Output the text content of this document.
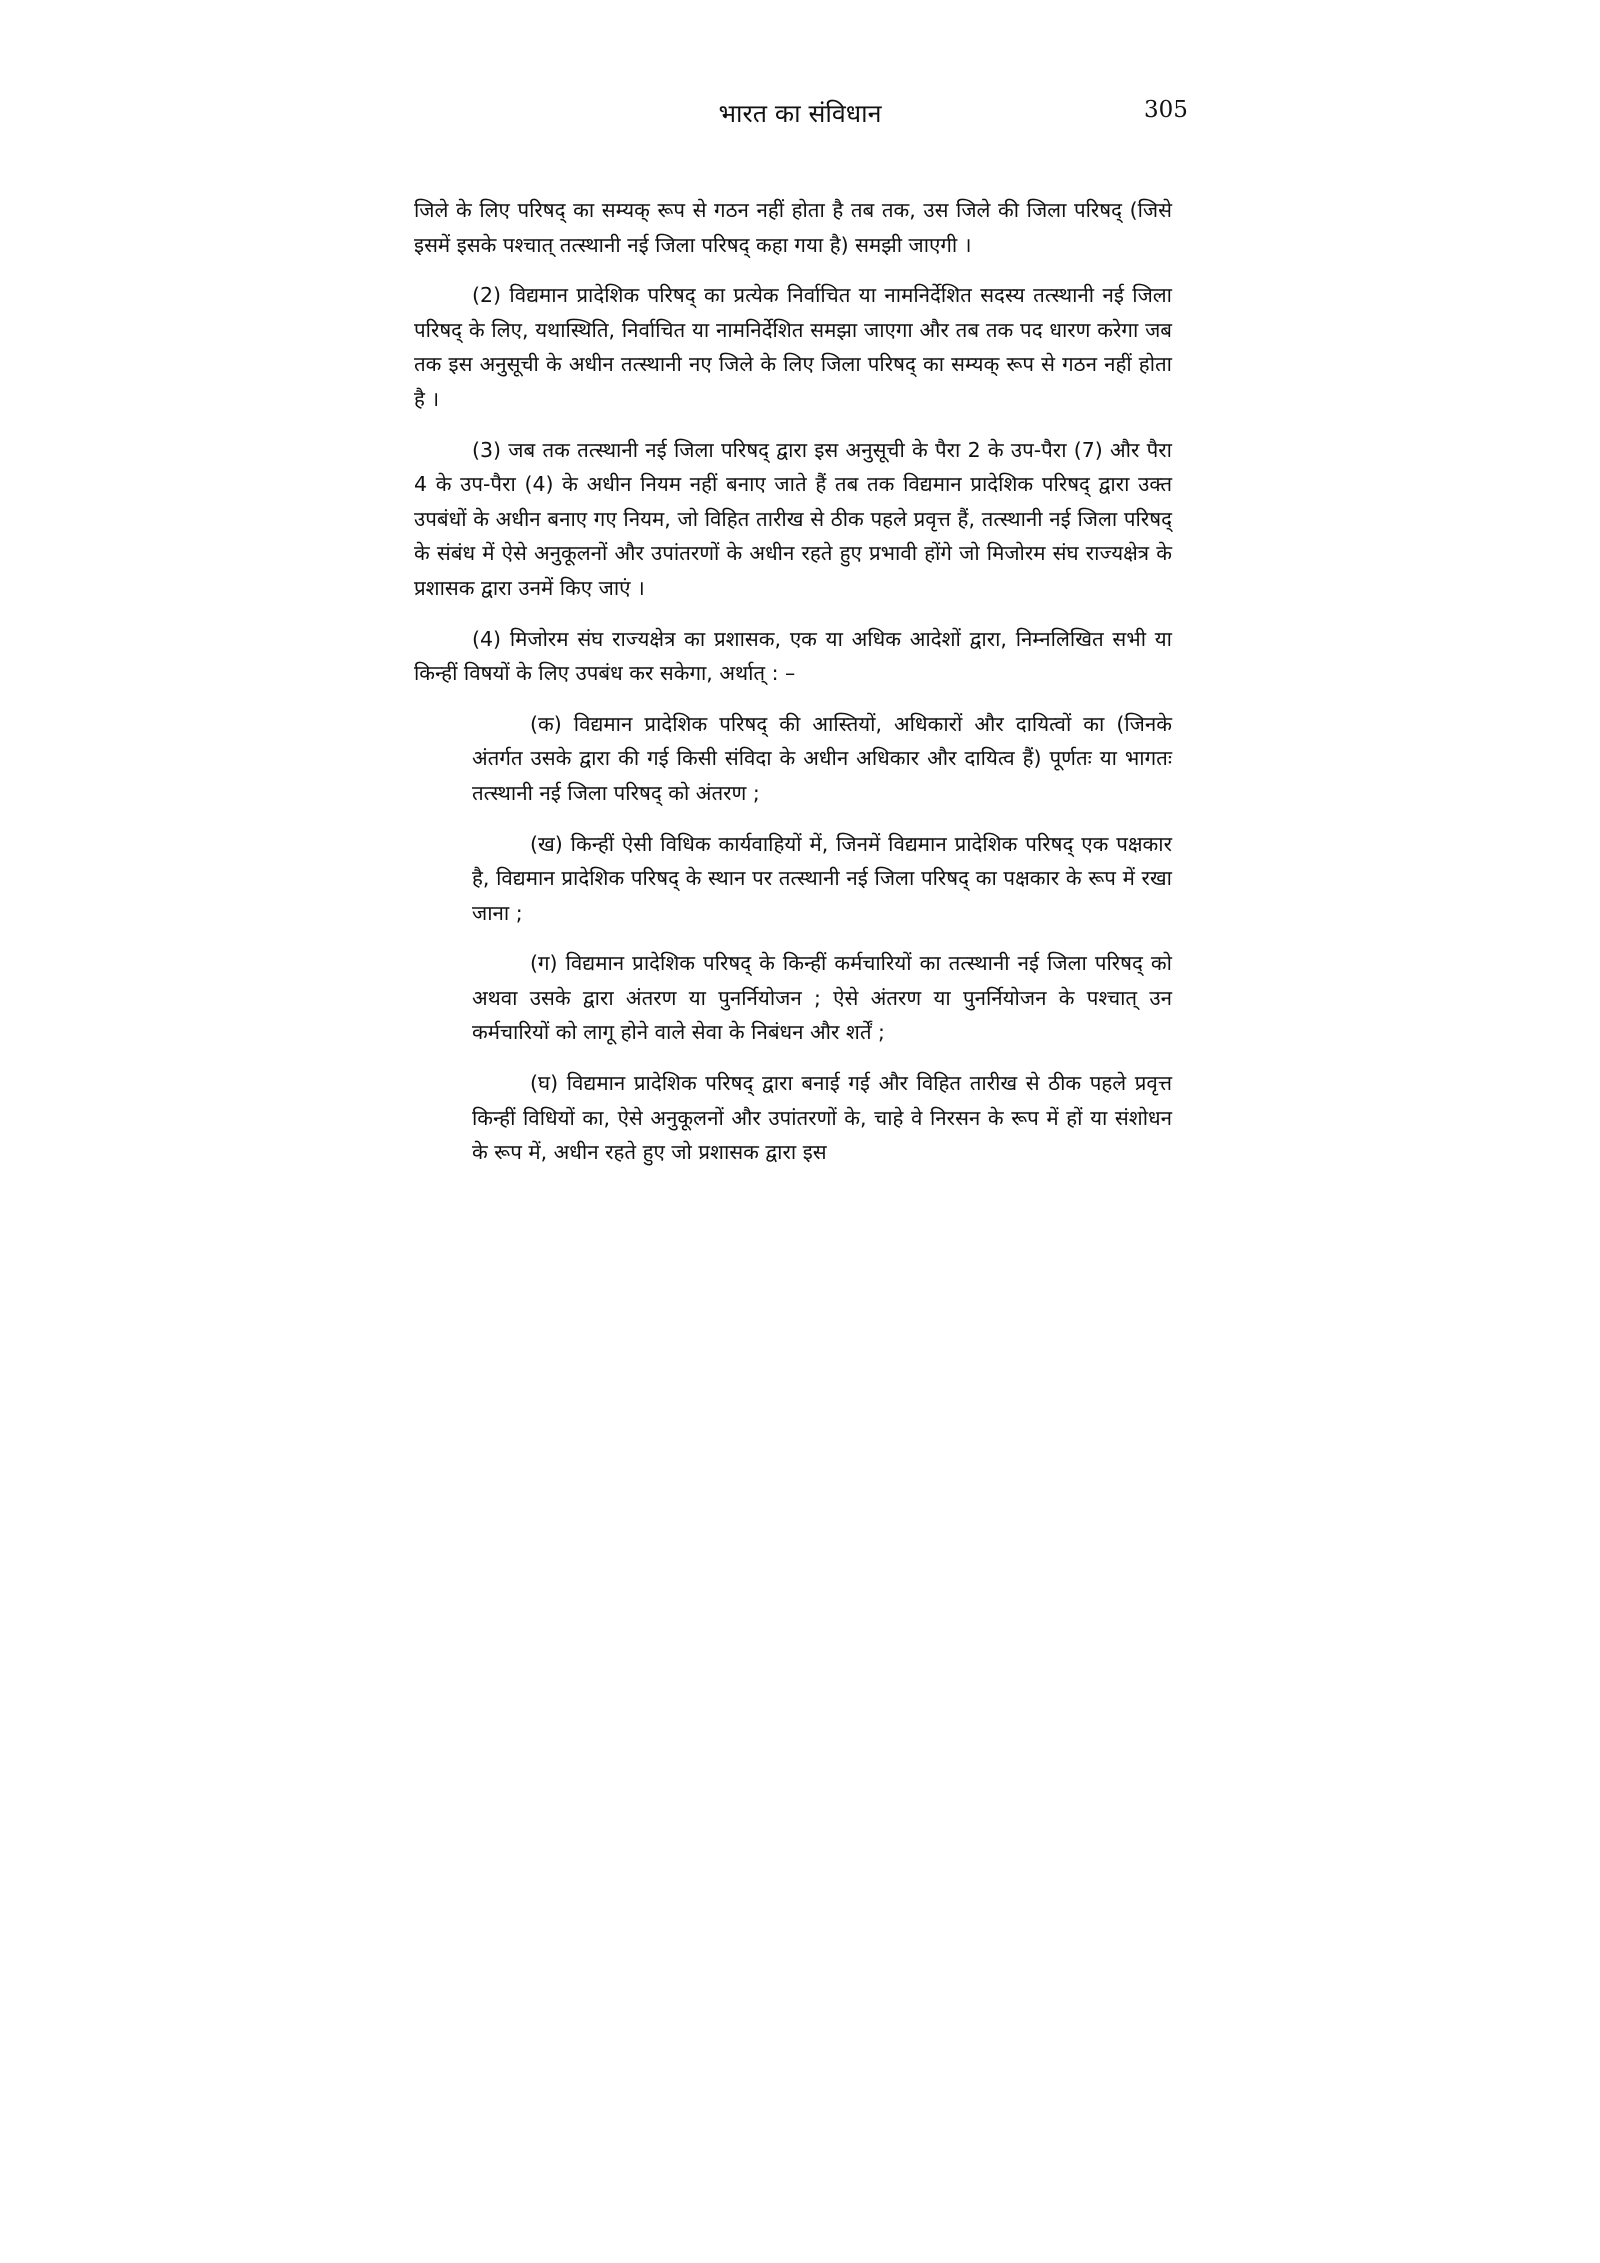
भारत का संविधान	305

जिले के लिए परिषद् का सम्यक् रूप से गठन नहीं होता है तब तक, उस जिले की जिला परिषद् (जिसे इसमें इसके पश्चात् तत्स्थानी नई जिला परिषद् कहा गया है) समझी जाएगी ।

(2) विद्यमान प्रादेशिक परिषद् का प्रत्येक निर्वाचित या नामनिर्देशित सदस्य तत्स्थानी नई जिला परिषद् के लिए, यथास्थिति, निर्वाचित या नामनिर्देशित समझा जाएगा और तब तक पद धारण करेगा जब तक इस अनुसूची के अधीन तत्स्थानी नए जिले के लिए जिला परिषद् का सम्यक् रूप से गठन नहीं होता है ।

(3) जब तक तत्स्थानी नई जिला परिषद् द्वारा इस अनुसूची के पैरा 2 के उप-पैरा (7) और पैरा 4 के उप-पैरा (4) के अधीन नियम नहीं बनाए जाते हैं तब तक विद्यमान प्रादेशिक परिषद् द्वारा उक्त उपबंधों के अधीन बनाए गए नियम, जो विहित तारीख से ठीक पहले प्रवृत्त हैं, तत्स्थानी नई जिला परिषद् के संबंध में ऐसे अनुकूलनों और उपांतरणों के अधीन रहते हुए प्रभावी होंगे जो मिजोरम संघ राज्यक्षेत्र के प्रशासक द्वारा उनमें किए जाएं ।

(4) मिजोरम संघ राज्यक्षेत्र का प्रशासक, एक या अधिक आदेशों द्वारा, निम्नलिखित सभी या किन्हीं विषयों के लिए उपबंध कर सकेगा, अर्थात् : –

(क) विद्यमान प्रादेशिक परिषद् की आस्तियों, अधिकारों और दायित्वों का (जिनके अंतर्गत उसके द्वारा की गई किसी संविदा के अधीन अधिकार और दायित्व हैं) पूर्णतः या भागतः तत्स्थानी नई जिला परिषद् को अंतरण ;

(ख) किन्हीं ऐसी विधिक कार्यवाहियों में, जिनमें विद्यमान प्रादेशिक परिषद् एक पक्षकार है, विद्यमान प्रादेशिक परिषद् के स्थान पर तत्स्थानी नई जिला परिषद् का पक्षकार के रूप में रखा जाना ;

(ग) विद्यमान प्रादेशिक परिषद् के किन्हीं कर्मचारियों का तत्स्थानी नई जिला परिषद् को अथवा उसके द्वारा अंतरण या पुनर्नियोजन ; ऐसे अंतरण या पुनर्नियोजन के पश्चात् उन कर्मचारियों को लागू होने वाले सेवा के निबंधन और शर्तें ;

(घ) विद्यमान प्रादेशिक परिषद् द्वारा बनाई गई और विहित तारीख से ठीक पहले प्रवृत्त किन्हीं विधियों का, ऐसे अनुकूलनों और उपांतरणों के, चाहे वे निरसन के रूप में हों या संशोधन के रूप में, अधीन रहते हुए जो प्रशासक द्वारा इस
